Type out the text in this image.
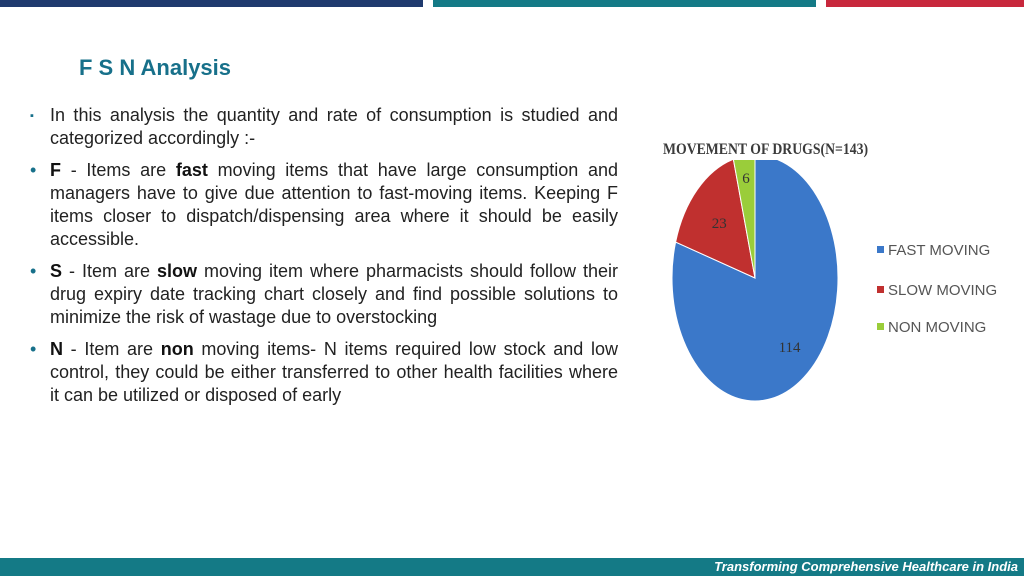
F S N Analysis
▪ In this analysis the quantity and rate of consumption is studied and categorized accordingly :-
• F - Items are fast moving items that have large consumption and managers have to give due attention to fast-moving items. Keeping F items closer to dispatch/dispensing area where it should be easily accessible.
• S - Item are slow moving item where pharmacists should follow their drug expiry date tracking chart closely and find possible solutions to minimize the risk of wastage due to overstocking
• N - Item are non moving items- N items required low stock and low control, they could be either transferred to other health facilities where it can be utilized or disposed of early
MOVEMENT OF DRUGS(N=143)
114
23
6
FAST MOVING
SLOW MOVING
NON MOVING
Transforming Comprehensive Healthcare in India
